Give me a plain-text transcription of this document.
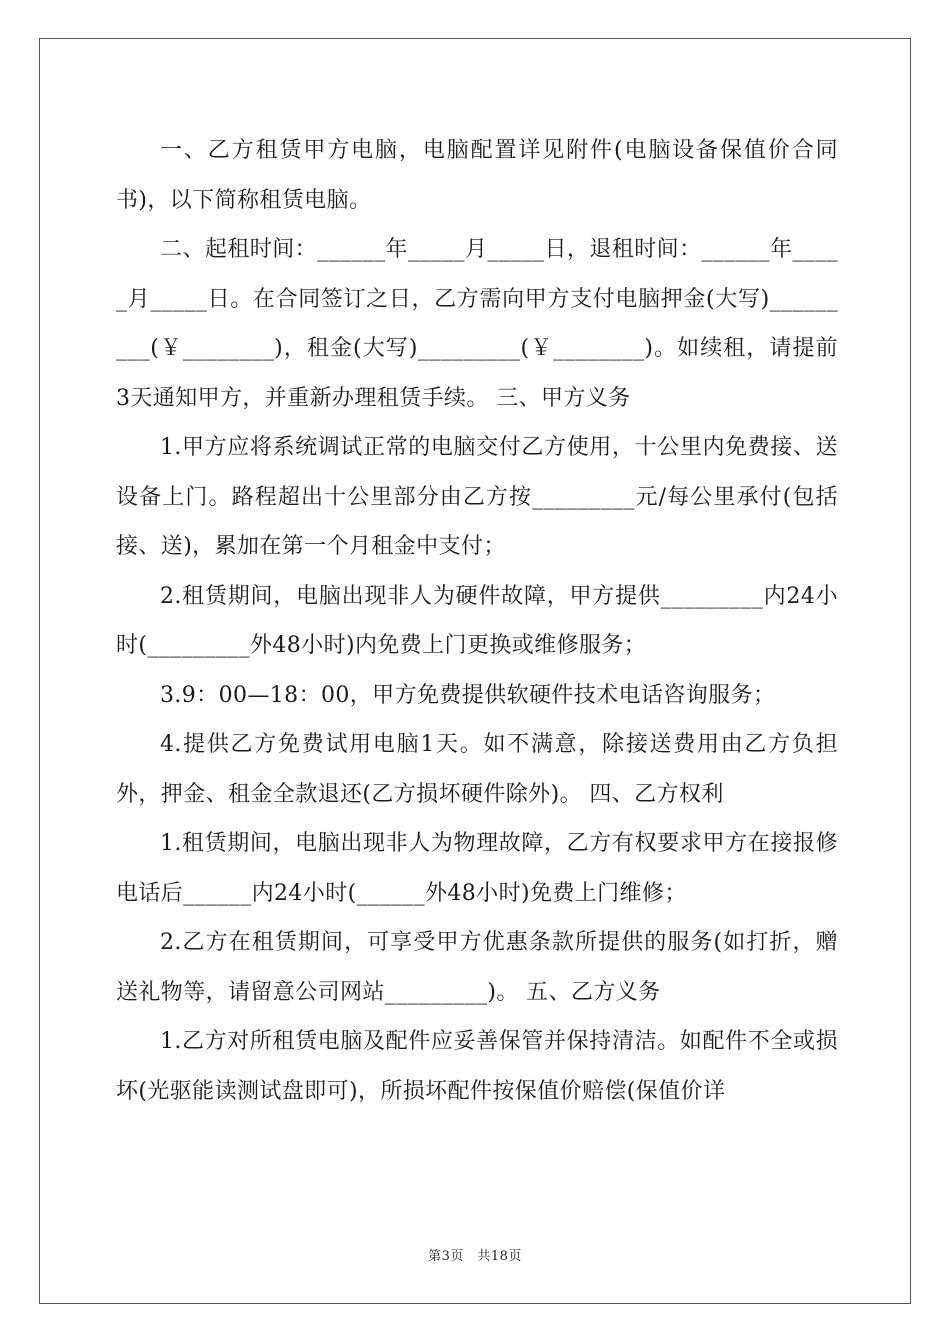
一、乙方租赁甲方电脑，电脑配置详见附件(电脑设备保值价合同书)，以下简称租赁电脑。

二、起租时间：______年_____月_____日，退租时间：______年_____月_____日。在合同签订之日，乙方需向甲方支付电脑押金(大写)_________(￥________)，租金(大写)_________(￥________)。如续租，请提前3天通知甲方，并重新办理租赁手续。 三、甲方义务

1.甲方应将系统调试正常的电脑交付乙方使用，十公里内免费接、送设备上门。路程超出十公里部分由乙方按_________元/每公里承付(包括接、送)，累加在第一个月租金中支付；

2.租赁期间，电脑出现非人为硬件故障，甲方提供_________内24小时(_________外48小时)内免费上门更换或维修服务；

3.9：00—18：00，甲方免费提供软硬件技术电话咨询服务；

4.提供乙方免费试用电脑1天。如不满意，除接送费用由乙方负担外，押金、租金全款退还(乙方损坏硬件除外)。 四、乙方权利

1.租赁期间，电脑出现非人为物理故障，乙方有权要求甲方在接报修电话后______内24小时(______外48小时)免费上门维修；

2.乙方在租赁期间，可享受甲方优惠条款所提供的服务(如打折，赠送礼物等，请留意公司网站_________)。 五、乙方义务

1.乙方对所租赁电脑及配件应妥善保管并保持清洁。如配件不全或损坏(光驱能读测试盘即可)，所损坏配件按保值价赔偿(保值价详

第3页　共18页
